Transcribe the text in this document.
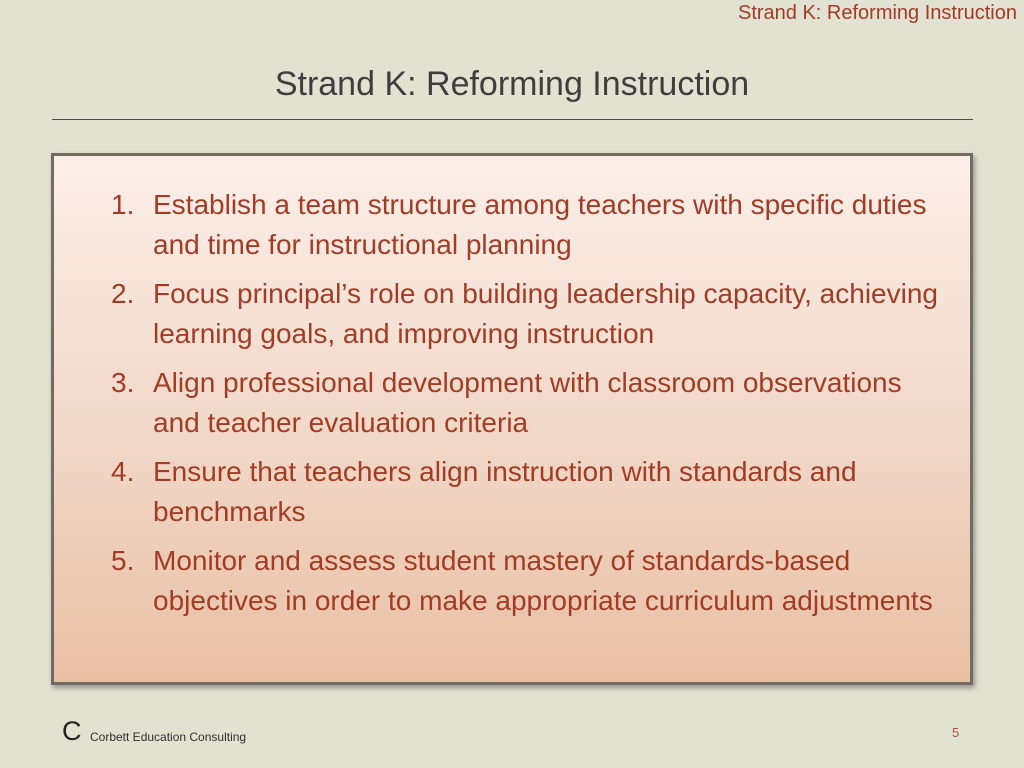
Strand K: Reforming Instruction
Strand K: Reforming Instruction
1. Establish a team structure among teachers with specific duties and time for instructional planning
2. Focus principal’s role on building leadership capacity, achieving learning goals, and improving instruction
3. Align professional development with classroom observations and teacher evaluation criteria
4. Ensure that teachers align instruction with standards and benchmarks
5. Monitor and assess student mastery of standards-based objectives in order to make appropriate curriculum adjustments
C Corbett Education Consulting	5
